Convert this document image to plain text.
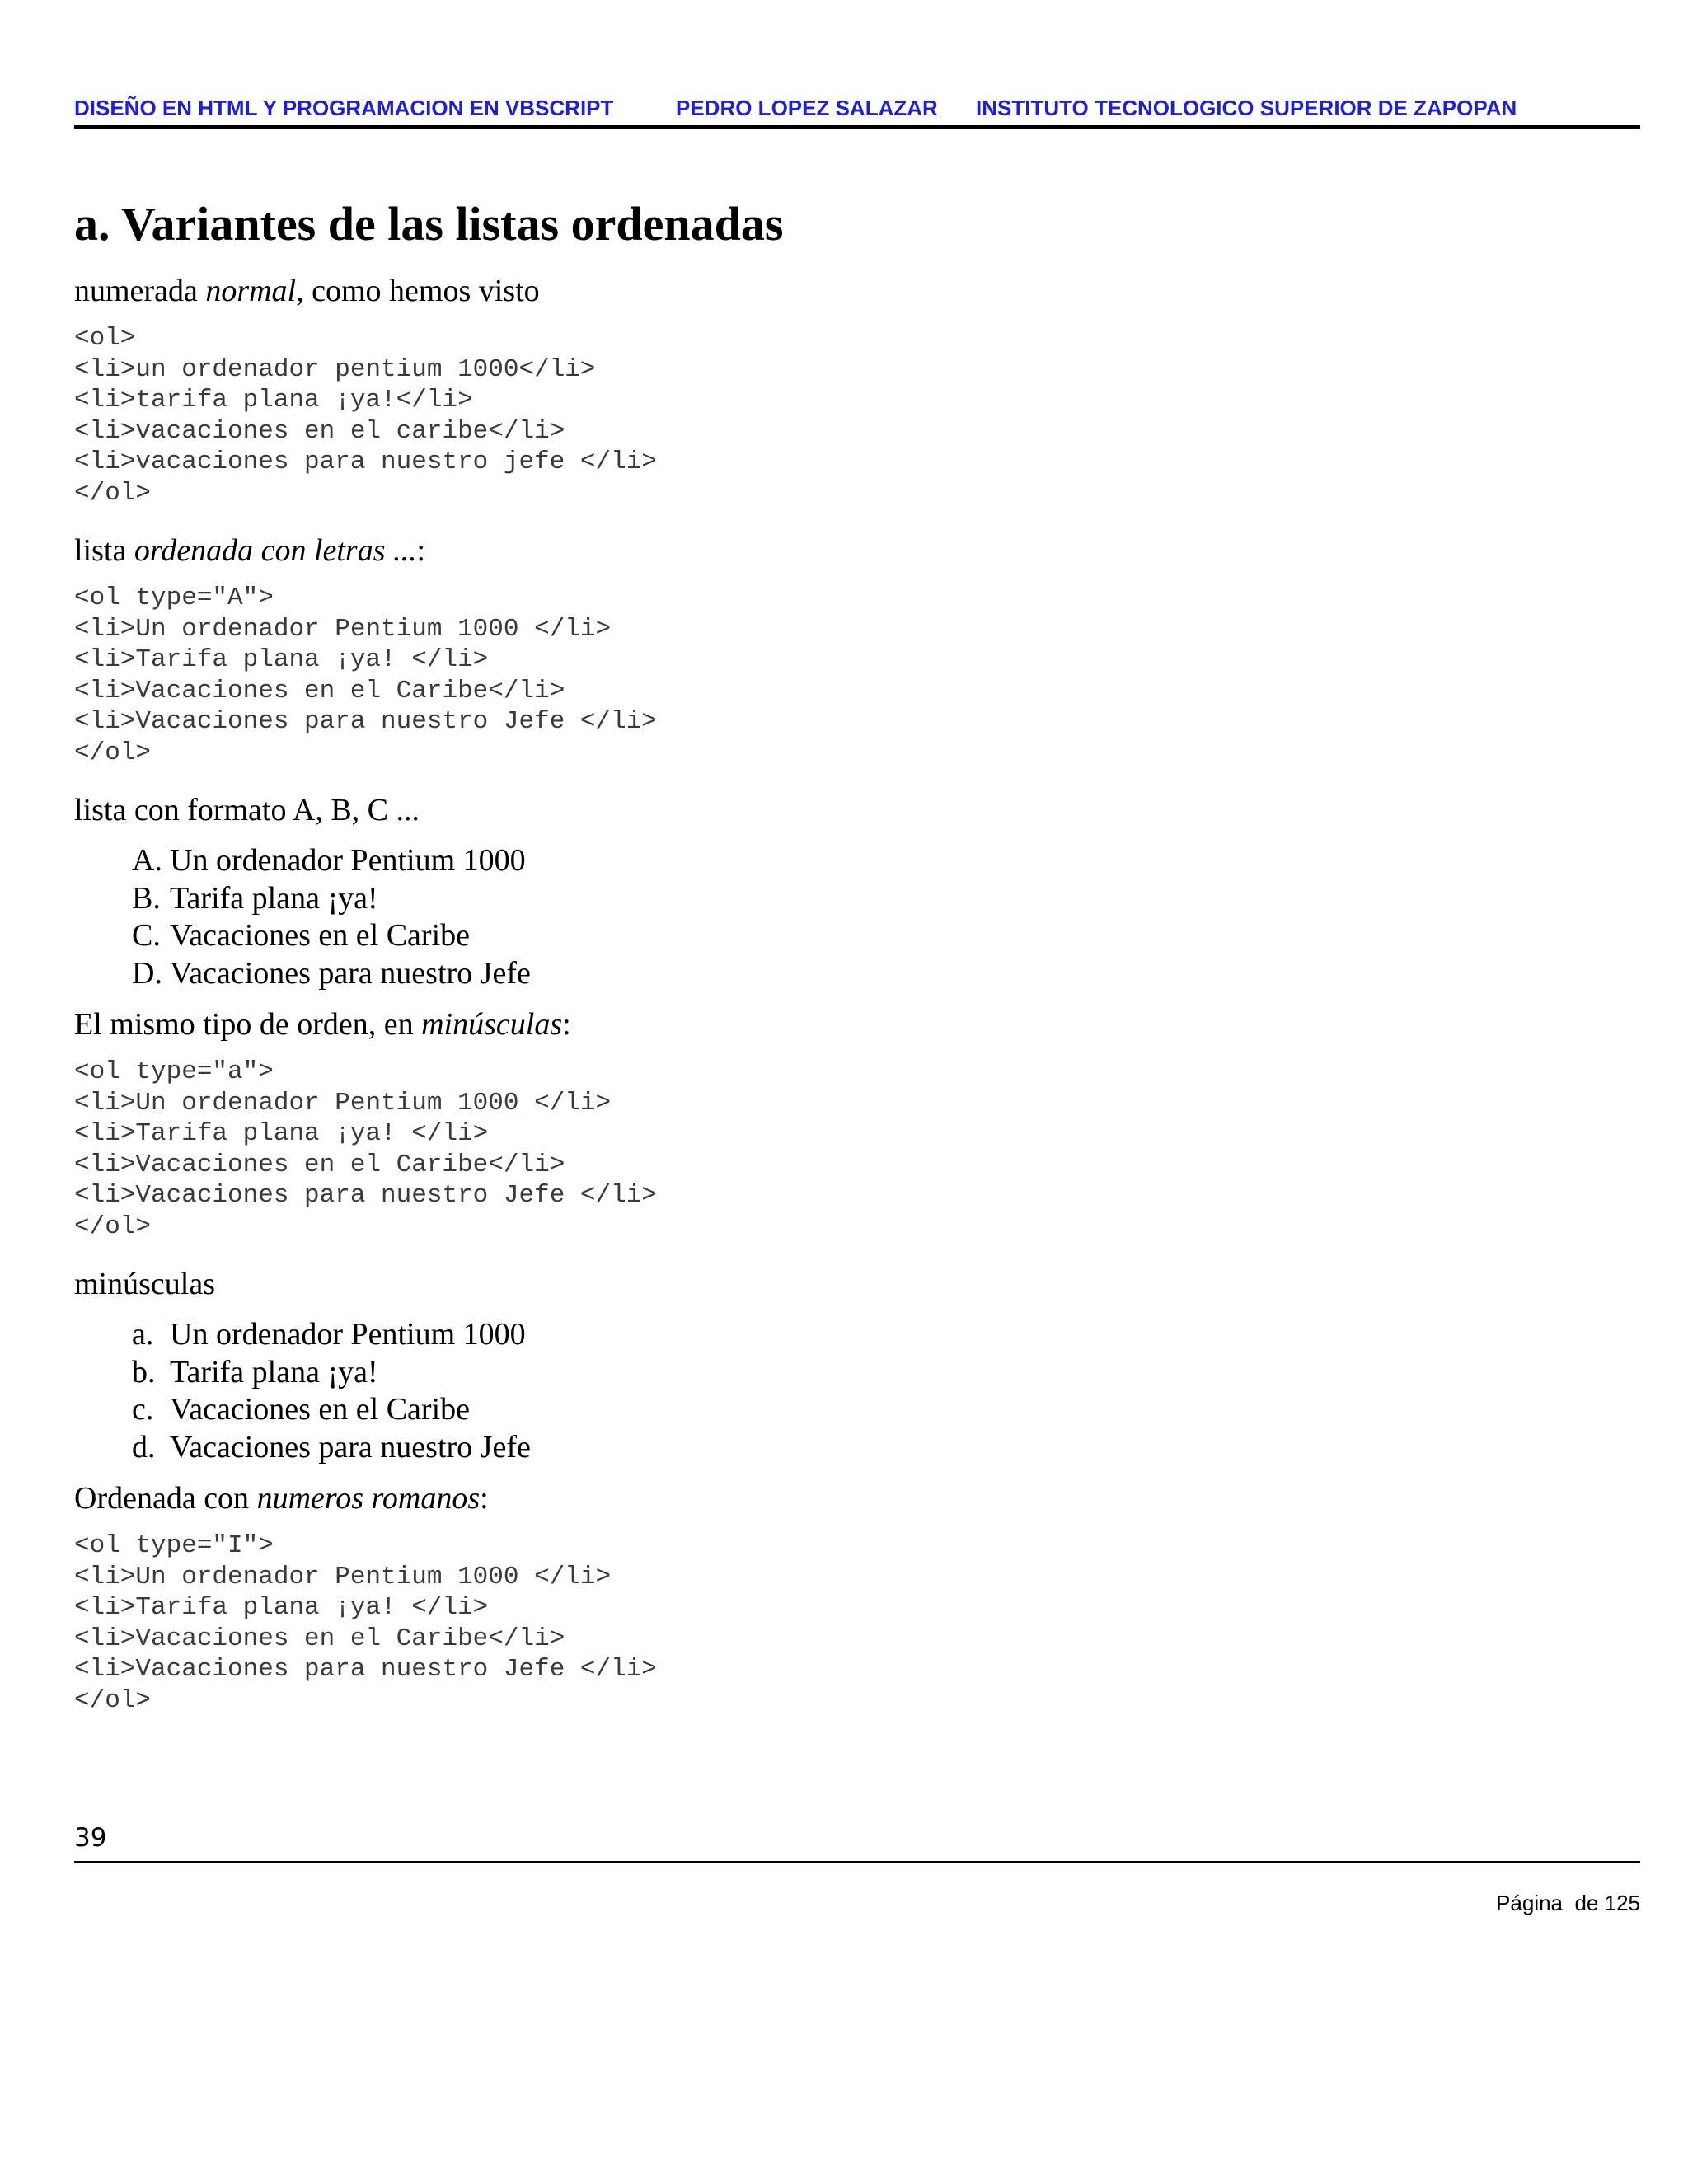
DISEÑO EN HTML Y PROGRAMACION EN VBSCRIPT	PEDRO LOPEZ SALAZAR INSTITUTO TECNOLOGICO SUPERIOR DE ZAPOPAN
a. Variantes de las listas ordenadas

numerada normal, como hemos visto

<ol>
<li>un ordenador pentium 1000</li>
<li>tarifa plana ¡ya!</li>
<li>vacaciones en el caribe</li>
<li>vacaciones para nuestro jefe </li>
</ol>

lista ordenada con letras ...:

<ol type="A">
<li>Un ordenador Pentium 1000 </li>
<li>Tarifa plana ¡ya! </li>
<li>Vacaciones en el Caribe</li>
<li>Vacaciones para nuestro Jefe </li>
</ol>

lista con formato A, B, C ...

A. Un ordenador Pentium 1000
B. Tarifa plana ¡ya!
C. Vacaciones en el Caribe
D. Vacaciones para nuestro Jefe

El mismo tipo de orden, en minúsculas:

<ol type="a">
<li>Un ordenador Pentium 1000 </li>
<li>Tarifa plana ¡ya! </li>
<li>Vacaciones en el Caribe</li>
<li>Vacaciones para nuestro Jefe </li>
</ol>

minúsculas

a. Un ordenador Pentium 1000
b. Tarifa plana ¡ya!
c. Vacaciones en el Caribe
d. Vacaciones para nuestro Jefe

Ordenada con numeros romanos:

<ol type="I">
<li>Un ordenador Pentium 1000 </li>
<li>Tarifa plana ¡ya! </li>
<li>Vacaciones en el Caribe</li>
<li>Vacaciones para nuestro Jefe </li>
</ol>
39
Página  de 125
